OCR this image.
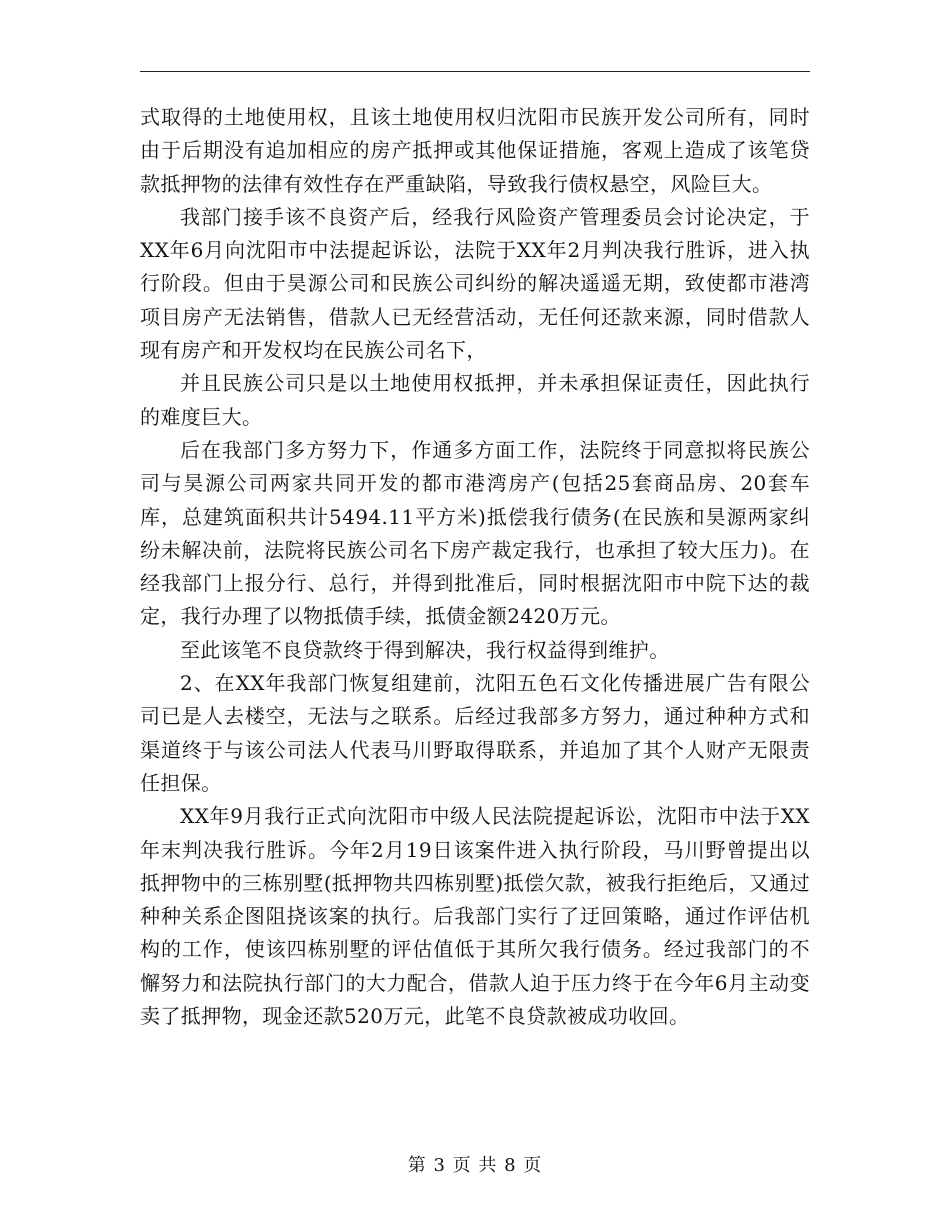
式取得的土地使用权，且该土地使用权归沈阳市民族开发公司所有，同时由于后期没有追加相应的房产抵押或其他保证措施，客观上造成了该笔贷款抵押物的法律有效性存在严重缺陷，导致我行债权悬空，风险巨大。

我部门接手该不良资产后，经我行风险资产管理委员会讨论决定，于XX年6月向沈阳市中法提起诉讼，法院于XX年2月判决我行胜诉，进入执行阶段。但由于昊源公司和民族公司纠纷的解决遥遥无期，致使都市港湾项目房产无法销售，借款人已无经营活动，无任何还款来源，同时借款人现有房产和开发权均在民族公司名下，

并且民族公司只是以土地使用权抵押，并未承担保证责任，因此执行的难度巨大。

后在我部门多方努力下，作通多方面工作，法院终于同意拟将民族公司与昊源公司两家共同开发的都市港湾房产(包括25套商品房、20套车库，总建筑面积共计5494.11平方米)抵偿我行债务(在民族和昊源两家纠纷未解决前，法院将民族公司名下房产裁定我行，也承担了较大压力)。在经我部门上报分行、总行，并得到批准后，同时根据沈阳市中院下达的裁定，我行办理了以物抵债手续，抵债金额2420万元。

至此该笔不良贷款终于得到解决，我行权益得到维护。

2、在XX年我部门恢复组建前，沈阳五色石文化传播进展广告有限公司已是人去楼空，无法与之联系。后经过我部多方努力，通过种种方式和渠道终于与该公司法人代表马川野取得联系，并追加了其个人财产无限责任担保。

XX年9月我行正式向沈阳市中级人民法院提起诉讼，沈阳市中法于XX年末判决我行胜诉。今年2月19日该案件进入执行阶段，马川野曾提出以抵押物中的三栋别墅(抵押物共四栋别墅)抵偿欠款，被我行拒绝后，又通过种种关系企图阻挠该案的执行。后我部门实行了迂回策略，通过作评估机构的工作，使该四栋别墅的评估值低于其所欠我行债务。经过我部门的不懈努力和法院执行部门的大力配合，借款人迫于压力终于在今年6月主动变卖了抵押物，现金还款520万元，此笔不良贷款被成功收回。

第 3 页 共 8 页
